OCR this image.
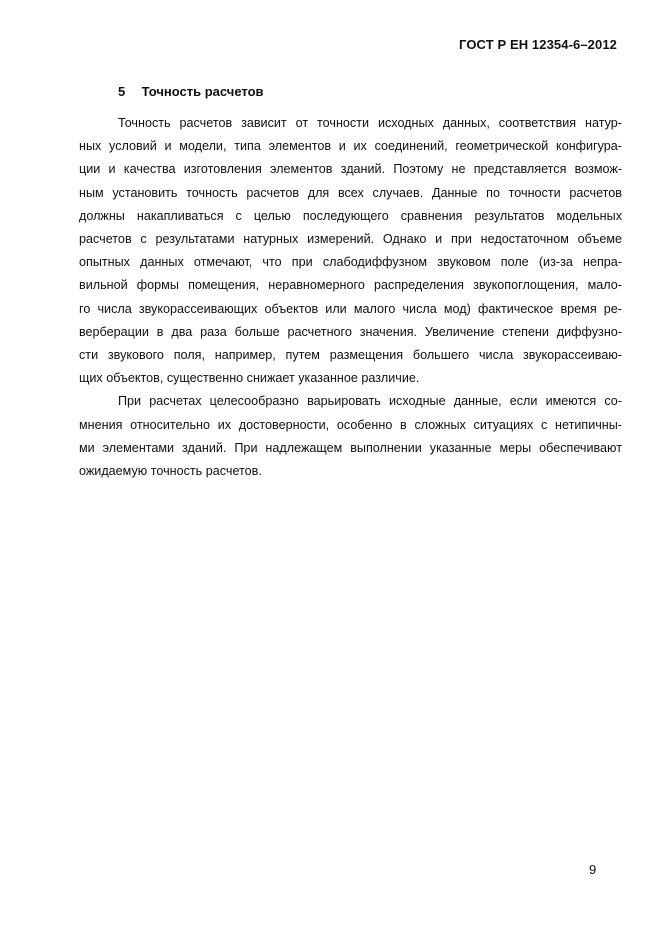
ГОСТ Р ЕН 12354-6–2012
5 Точность расчетов
Точность расчетов зависит от точности исходных данных, соответствия натур-
ных условий и модели, типа элементов и их соединений, геометрической конфигура-
ции и качества изготовления элементов зданий. Поэтому не представляется возмож-
ным установить точность расчетов для всех случаев. Данные по точности расчетов
должны накапливаться с целью последующего сравнения результатов модельных
расчетов с результатами натурных измерений. Однако и при недостаточном объеме
опытных данных отмечают, что при слабодиффузном звуковом поле (из-за непра-
вильной формы помещения, неравномерного распределения звукопоглощения, мало-
го числа звукорассеивающих объектов или малого числа мод) фактическое время ре-
верберации в два раза больше расчетного значения. Увеличение степени диффузно-
сти звукового поля, например, путем размещения большего числа звукорассеиваю-
щих объектов, существенно снижает указанное различие.
При расчетах целесообразно варьировать исходные данные, если имеются со-
мнения относительно их достоверности, особенно в сложных ситуациях с нетипичны-
ми элементами зданий. При надлежащем выполнении указанные меры обеспечивают
ожидаемую точность расчетов.
9
